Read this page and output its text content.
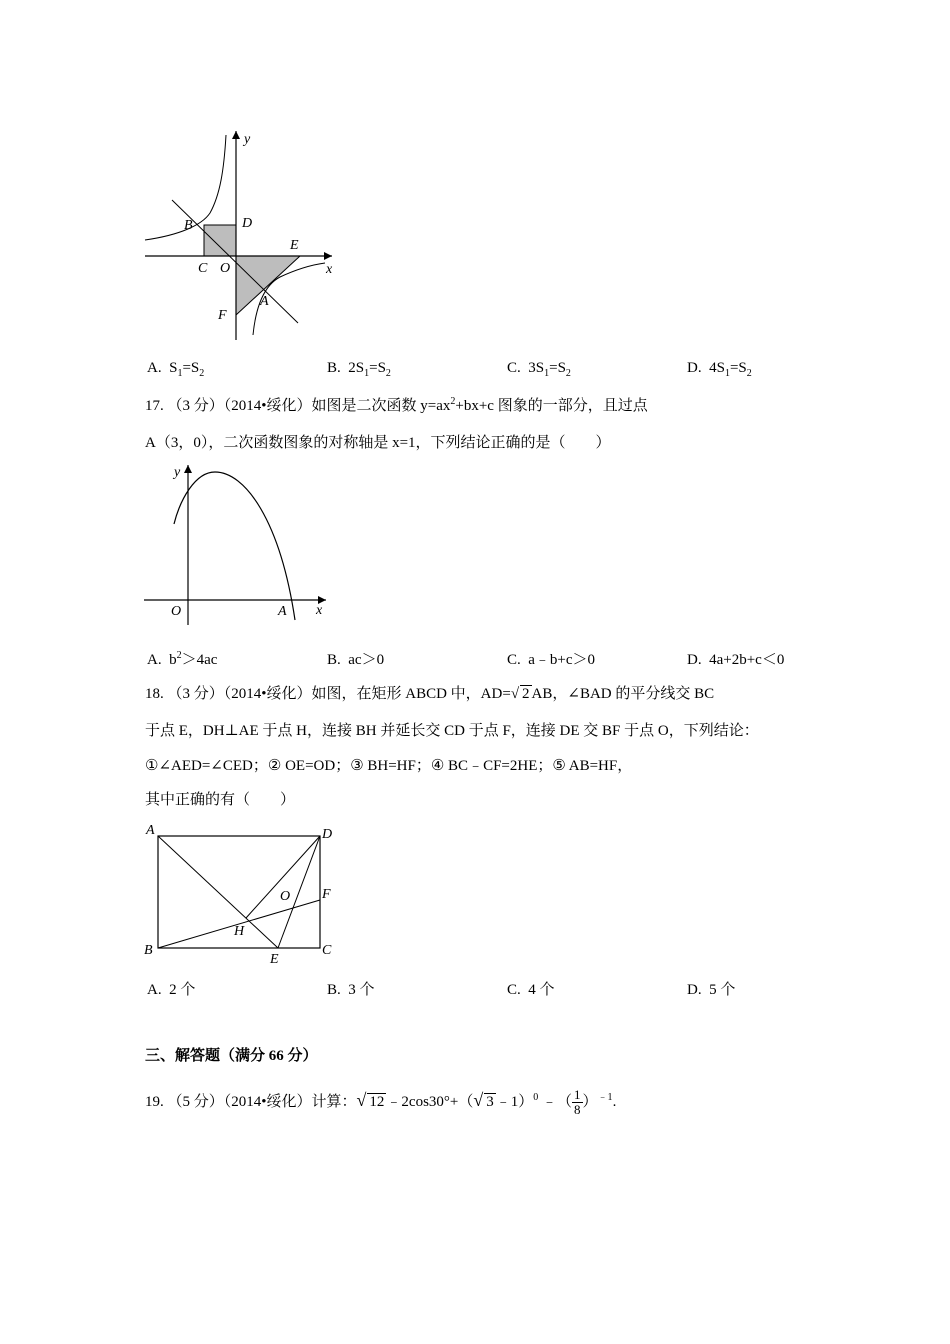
y
x
B	D
C O
E
A
F
A. $S_1=S_2$	B. $2S_1=S_2$	C. $3S_1=S_2$	D. $4S_1=S_2$
17. （3 分）（2014•绥化）如图是二次函数 $y=ax^2+bx+c$ 图象的一部分，且过点
A（3，0），二次函数图象的对称轴是 x=1，下列结论正确的是（　　）
y
x
O	A
A. $b^2>4ac$	B. ac＞0	C. a﹣b+c＞0	D. 4a+2b+c＜0
18. （3 分）（2014•绥化）如图，在矩形 ABCD 中，AD=√ 2 AB，∠BAD 的平分线交 BC
于点 E，DH⊥AE 于点 H，连接 BH 并延长交 CD 于点 F，连接 DE 交 BF 于点 O，下列结论：
①∠AED=∠CED；② OE=OD；③ BH=HF；④ BC﹣CF=2HE；⑤ AB=HF，
其中正确的有（　　）
A	D
O F
H
B
E
C
A. 2 个	B. 3 个	C. 4 个	D. 5 个
三、解答题（满分 66 分）
19. （5 分）（2014•绥化）计算：√ 12 ﹣2cos30°+（√ 3 ﹣1）$^0$ ﹣（ $\frac{1}{8} )^{﹣1}$.
